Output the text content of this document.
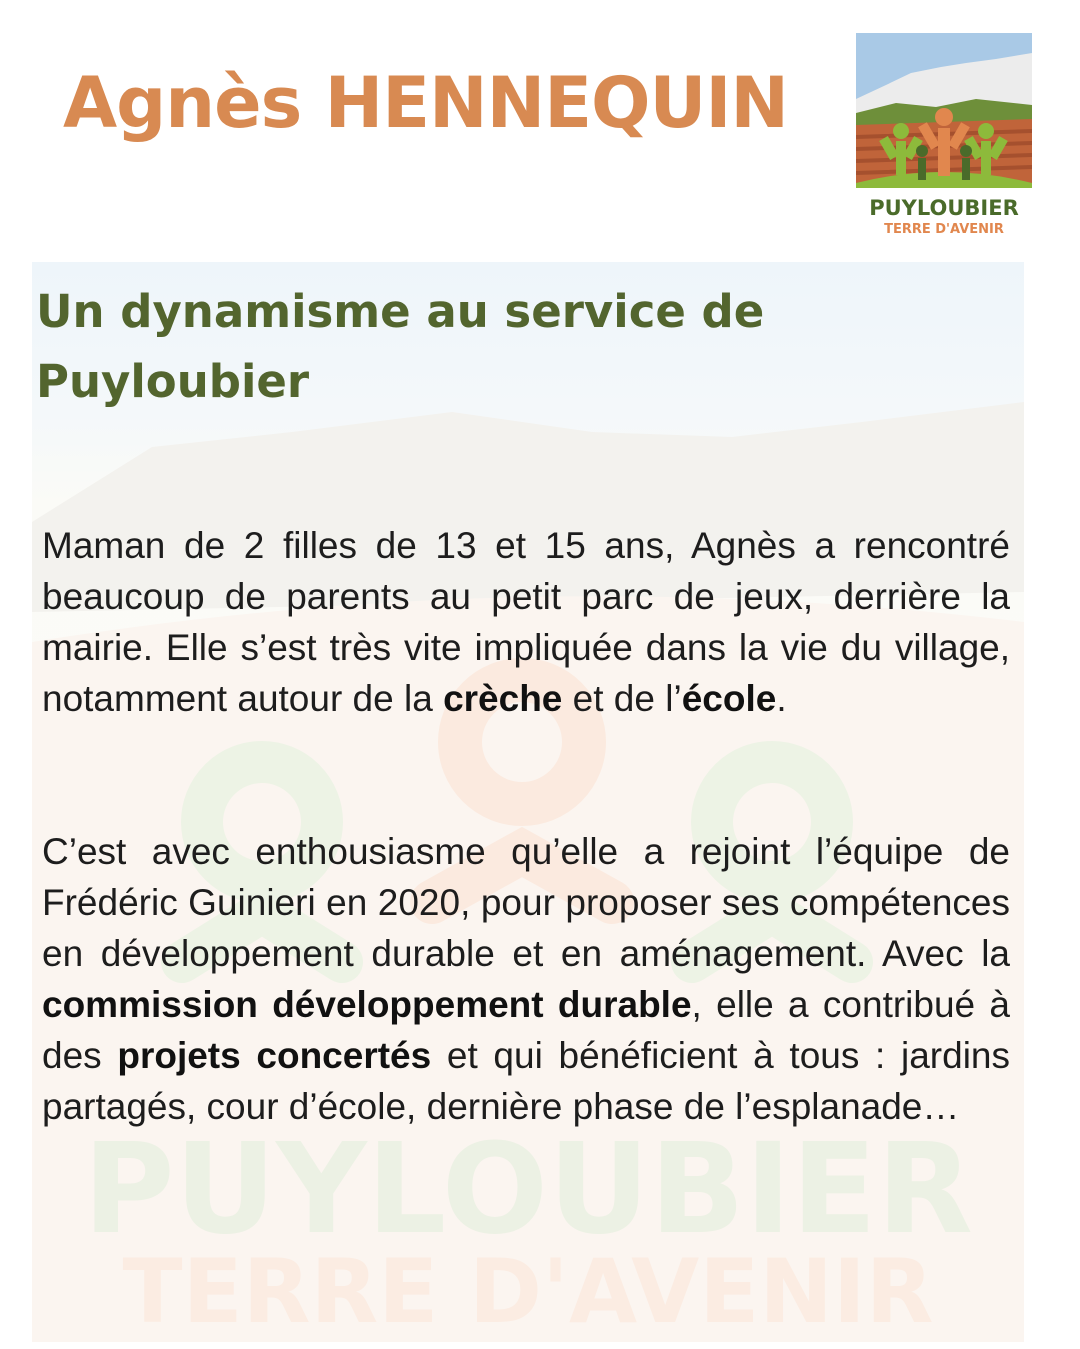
Agnès HENNEQUIN
PUYLOUBIER
TERRE D'AVENIR
PUYLOUBIER
TERRE D'AVENIR
Un dynamisme au service de Puyloubier

Maman de 2 filles de 13 et 15 ans, Agnès a rencontré beaucoup de parents au petit parc de jeux, derrière la mairie. Elle s’est très vite impliquée dans la vie du village, notamment autour de la crèche et de l’école.

C’est avec enthousiasme qu’elle a rejoint l’équipe de Frédéric Guinieri en 2020, pour proposer ses compétences en développement durable et en aménagement. Avec la commission développement durable, elle a contribué à des projets concertés et qui bénéficient à tous : jardins partagés, cour d’école, dernière phase de l’esplanade…
